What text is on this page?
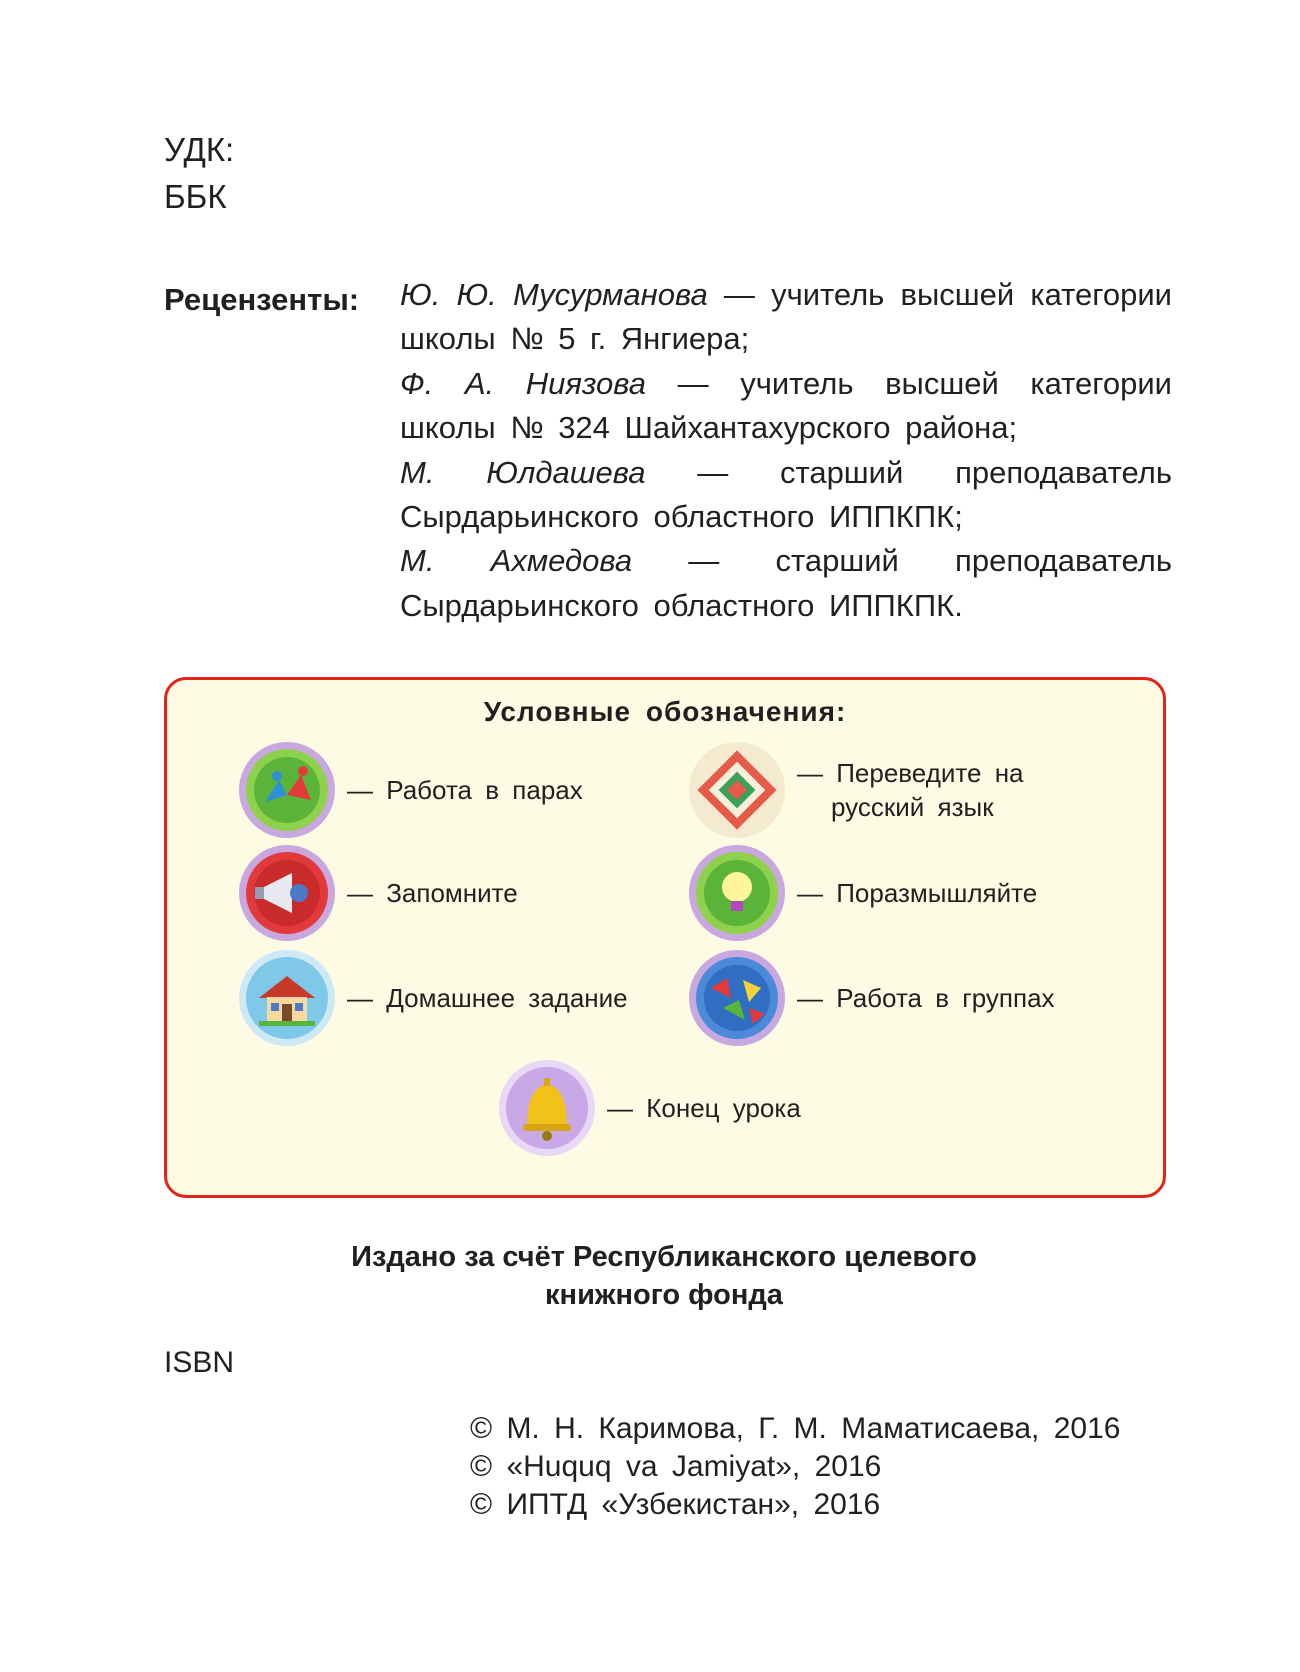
УДК:
ББК
Рецензенты: Ю. Ю. Мусурманова — учитель высшей категории школы № 5 г. Янгиера;
Ф. А. Ниязова — учитель высшей категории школы № 324 Шайхантахурского района;
М. Юлдашева — старший преподаватель Сырдарьинского областного ИППКПК;
М. Ахмедова — старший преподаватель Сырдарьинского областного ИППКПК.
Условные обозначения:
— Работа в парах
— Переведите на
русский язык
— Запомните	— Поразмышляйте
— Домашнее задание	— Работа в группах
— Конец урока
Издано за счёт Республиканского целевого
книжного фонда
ISBN
© М. Н. Каримова, Г. М. Маматисаева, 2016
© «Huquq va Jamiyat», 2016
© ИПТД «Узбекистан», 2016
